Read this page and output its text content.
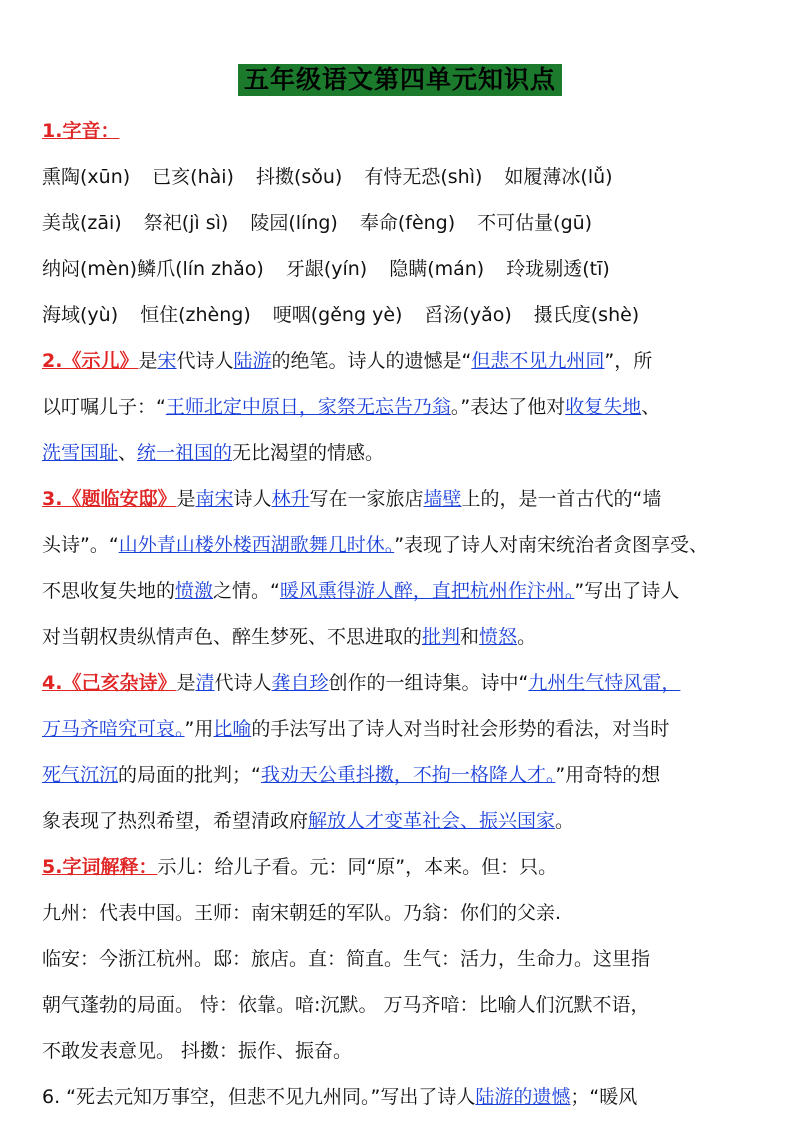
五年级语文第四单元知识点
1.字音：
熏陶(xūn) 已亥(hài) 抖擞(sǒu) 有恃无恐(shì) 如履薄冰(lǚ)
美哉(zāi) 祭祀(jì sì) 陵园(líng) 奉命(fèng) 不可估量(gū)
纳闷(mèn)鳞爪(lín zhǎo) 牙龈(yín) 隐瞒(mán) 玲珑剔透(tī)
海域(yù) 恒住(zhèng) 哽咽(gěng yè) 舀汤(yǎo) 摄氏度(shè)
2.《示儿》是宋代诗人陆游的绝笔。诗人的遗憾是“但悲不见九州同”，所
以叮嘱儿子：“王师北定中原日，家祭无忘告乃翁。”表达了他对收复失地、
洗雪国耻、统一祖国的无比渴望的情感。
3.《题临安邸》是南宋诗人林升写在一家旅店墙壁上的，是一首古代的“墙
头诗”。“山外青山楼外楼西湖歌舞几时休。”表现了诗人对南宋统治者贪图享受、
不思收复失地的愤激之情。“暖风熏得游人醉，直把杭州作汴州。”写出了诗人
对当朝权贵纵情声色、醉生梦死、不思进取的批判和愤怒。
4.《己亥杂诗》是清代诗人龚自珍创作的一组诗集。诗中“九州生气恃风雷，
万马齐喑究可哀。”用比喻的手法写出了诗人对当时社会形势的看法，对当时
死气沉沉的局面的批判；“我劝天公重抖擞，不拘一格降人才。”用奇特的想
象表现了热烈希望，希望清政府解放人才变革社会、振兴国家。
5.字词解释：示儿：给儿子看。元：同“原”，本来。但：只。
九州：代表中国。王师：南宋朝廷的军队。乃翁：你们的父亲.
临安：今浙江杭州。邸：旅店。直：简直。生气：活力，生命力。这里指
朝气蓬勃的局面。 恃：依靠。喑:沉默。 万马齐喑：比喻人们沉默不语，
不敢发表意见。 抖擞：振作、振奋。
6. “死去元知万事空，但悲不见九州同。”写出了诗人陆游的遗憾；“暖风
